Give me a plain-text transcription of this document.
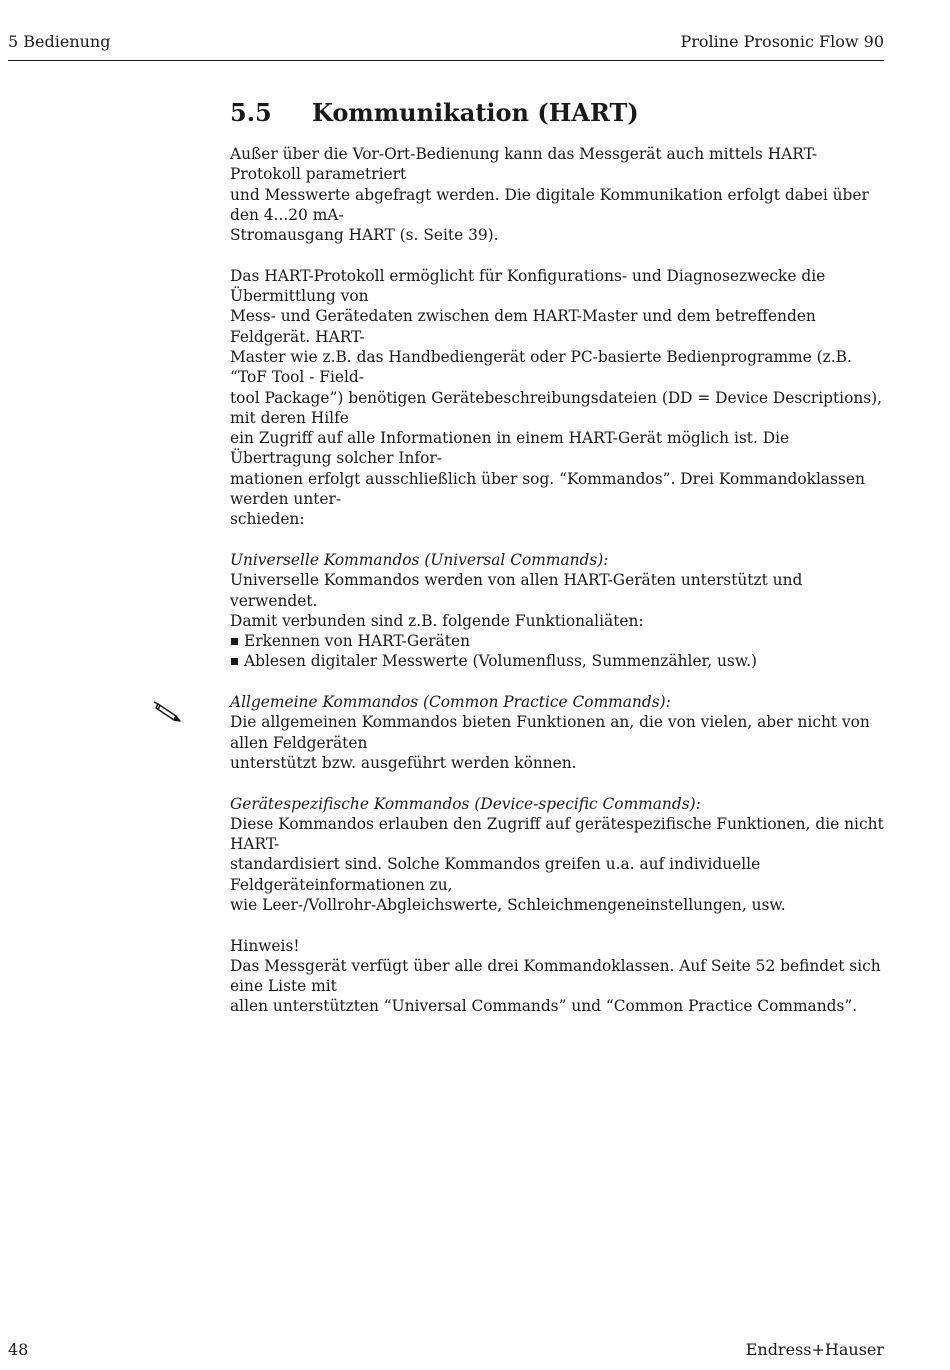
5 Bedienung	Proline Prosonic Flow 90
5.5 Kommunikation (HART)

Außer über die Vor-Ort-Bedienung kann das Messgerät auch mittels HART-Protokoll parametriert
und Messwerte abgefragt werden. Die digitale Kommunikation erfolgt dabei über den 4...20 mA-
Stromausgang HART (s. Seite 39).

Das HART-Protokoll ermöglicht für Konfigurations- und Diagnosezwecke die Übermittlung von
Mess- und Gerätedaten zwischen dem HART-Master und dem betreffenden Feldgerät. HART-
Master wie z.B. das Handbediengerät oder PC-basierte Bedienprogramme (z.B. “ToF Tool - Field-
tool Package”) benötigen Gerätebeschreibungsdateien (DD = Device Descriptions), mit deren Hilfe
ein Zugriff auf alle Informationen in einem HART-Gerät möglich ist. Die Übertragung solcher Infor-
mationen erfolgt ausschließlich über sog. “Kommandos”. Drei Kommandoklassen werden unter-
schieden:

Universelle Kommandos (Universal Commands):
Universelle Kommandos werden von allen HART-Geräten unterstützt und verwendet.
Damit verbunden sind z.B. folgende Funktionaliäten:

Erkennen von HART-Geräten
Ablesen digitaler Messwerte (Volumenfluss, Summenzähler, usw.)

Allgemeine Kommandos (Common Practice Commands):
Die allgemeinen Kommandos bieten Funktionen an, die von vielen, aber nicht von allen Feldgeräten
unterstützt bzw. ausgeführt werden können.

Gerätespezifische Kommandos (Device-specific Commands):
Diese Kommandos erlauben den Zugriff auf gerätespezifische Funktionen, die nicht HART-
standardisiert sind. Solche Kommandos greifen u.a. auf individuelle Feldgeräteinformationen zu,
wie Leer-/Vollrohr-Abgleichswerte, Schleichmengeneinstellungen, usw.

Hinweis!
Das Messgerät verfügt über alle drei Kommandoklassen. Auf Seite 52 befindet sich eine Liste mit
allen unterstützten “Universal Commands” und “Common Practice Commands”.

48	Endress+Hauser
